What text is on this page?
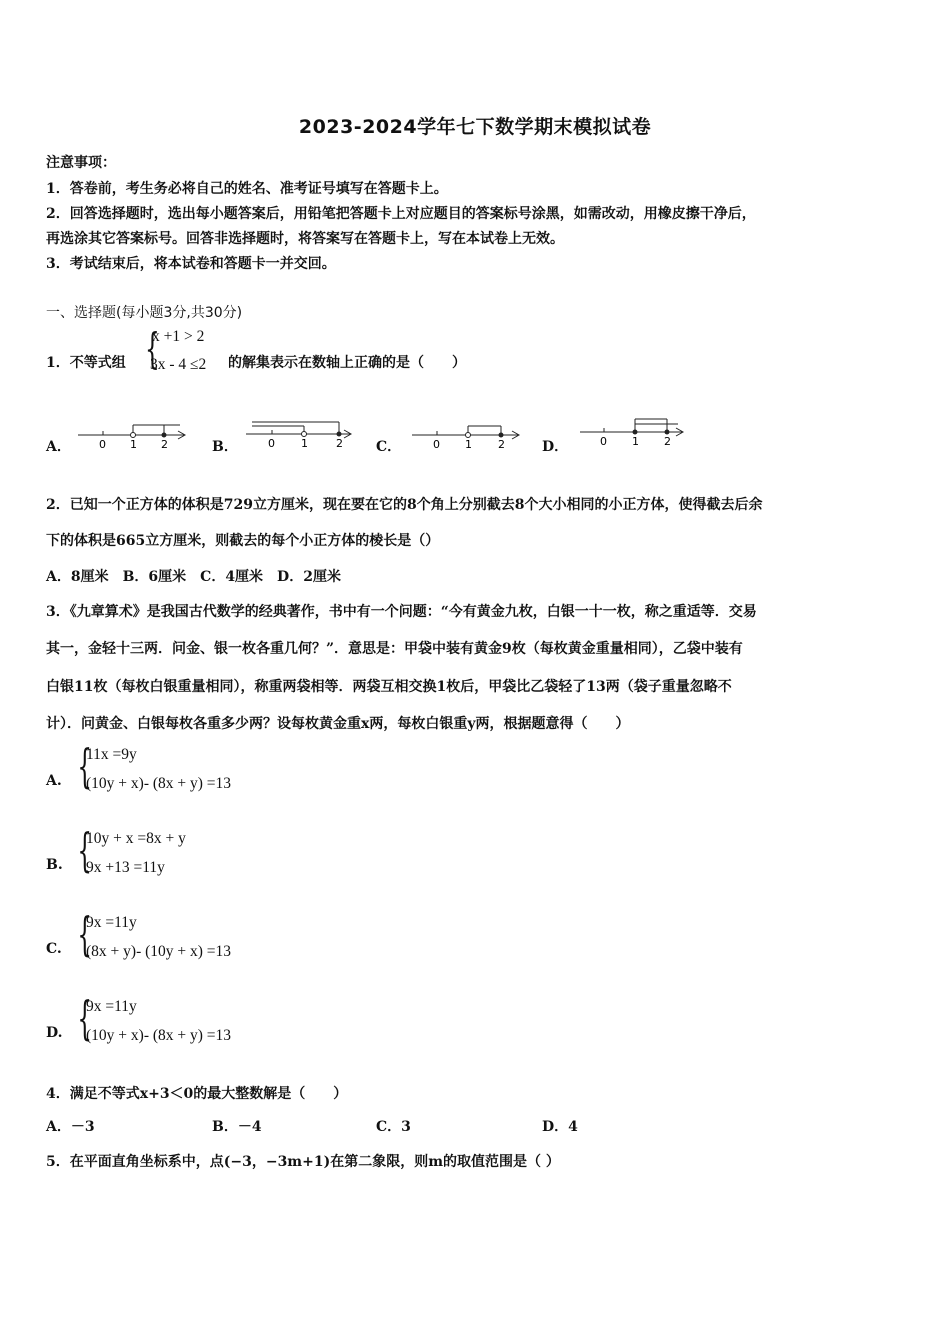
2023-2024学年七下数学期末模拟试卷
注意事项：
1．答卷前，考生务必将自己的姓名、准考证号填写在答题卡上。
2．回答选择题时，选出每小题答案后，用铅笔把答题卡上对应题目的答案标号涂黑，如需改动，用橡皮擦干净后，
再选涂其它答案标号。回答非选择题时，将答案写在答题卡上，写在本试卷上无效。
3．考试结束后，将本试卷和答题卡一并交回。
一、选择题(每小题3分,共30分)
1．不等式组 {
x +1 > 2
3x - 4 ≤2 的解集表示在数轴上正确的是（　　）
A．	0 1 2	B．	0 1	2 C．	0 1 2	D．	0 1 2
2．已知一个正方体的体积是729立方厘米，现在要在它的8个角上分别截去8个大小相同的小正方体，使得截去后余
下的体积是665立方厘米，则截去的每个小正方体的棱长是（）
A．8厘米　B．6厘米　C．4厘米　D．2厘米
3．《九章算术》是我国古代数学的经典著作，书中有一个问题：“今有黄金九枚，白银一十一枚，称之重适等．交易
其一，金轻十三两．问金、银一枚各重几何？”．意思是：甲袋中装有黄金9枚（每枚黄金重量相同），乙袋中装有
白银11枚（每枚白银重量相同），称重两袋相等．两袋互相交换1枚后，甲袋比乙袋轻了13两（袋子重量忽略不
计）．问黄金、白银每枚各重多少两？设每枚黄金重x两，每枚白银重y两，根据题意得（　　）
A. {
11x =9y
(10y + x)- (8x + y) =13
B. {
10y + x =8x + y
9x +13 =11y
C. {
9x =11y
(8x + y)- (10y + x) =13
D. {
9x =11y
(10y + x)- (8x + y) =13
4．满足不等式x+3＜0的最大整数解是（　　）
A．－3	B．－4	C．3	D．4
5．在平面直角坐标系中，点(−3，−3m+1)在第二象限，则m的取值范围是（ ）
